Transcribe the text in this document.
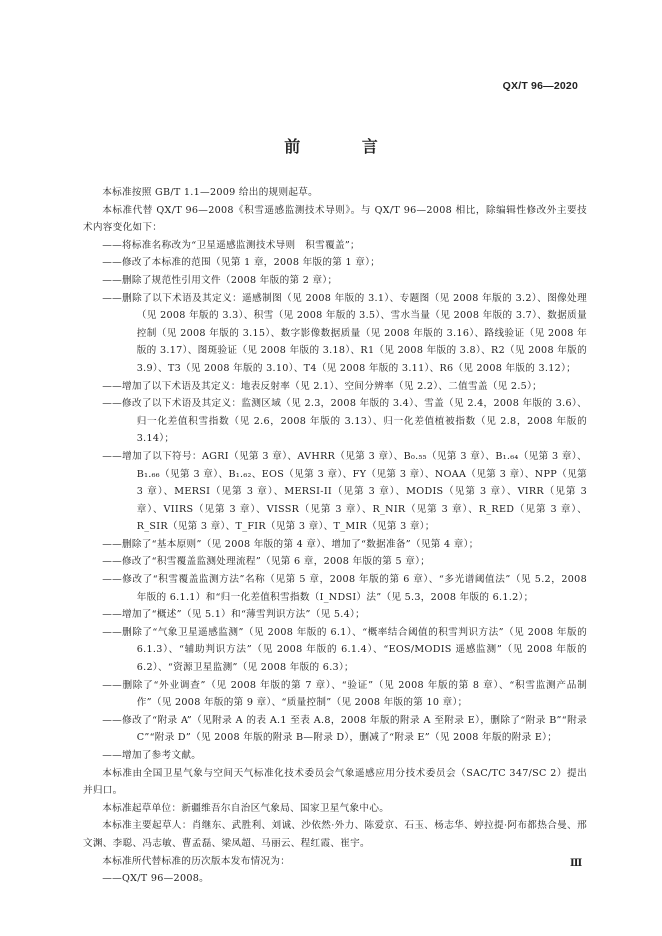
QX/T 96—2020
前 言

本标准按照 GB/T 1.1—2009 给出的规则起草。

本标准代替 QX/T 96—2008《积雪遥感监测技术导则》。与 QX/T 96—2008 相比，除编辑性修改外主要技术内容变化如下：

——将标准名称改为“卫星遥感监测技术导则　积雪覆盖”；

——修改了本标准的范围（见第 1 章，2008 年版的第 1 章）；

——删除了规范性引用文件（2008 年版的第 2 章）；

——删除了以下术语及其定义：遥感制图（见 2008 年版的 3.1）、专题图（见 2008 年版的 3.2）、图像处理（见 2008 年版的 3.3）、积雪（见 2008 年版的 3.5）、雪水当量（见 2008 年版的 3.7）、数据质量控制（见 2008 年版的 3.15）、数字影像数据质量（见 2008 年版的 3.16）、路线验证（见 2008 年版的 3.17）、图斑验证（见 2008 年版的 3.18）、R1（见 2008 年版的 3.8）、R2（见 2008 年版的 3.9）、T3（见 2008 年版的 3.10）、T4（见 2008 年版的 3.11）、R6（见 2008 年版的 3.12）；

——增加了以下术语及其定义：地表反射率（见 2.1）、空间分辨率（见 2.2）、二值雪盖（见 2.5）；

——修改了以下术语及其定义：监测区域（见 2.3，2008 年版的 3.4）、雪盖（见 2.4，2008 年版的 3.6）、归一化差值积雪指数（见 2.6，2008 年版的 3.13）、归一化差值植被指数（见 2.8，2008 年版的 3.14）；

——增加了以下符号：AGRI（见第 3 章）、AVHRR（见第 3 章）、B₀.₅₅（见第 3 章）、B₁.₆₄（见第 3 章）、B₁.₆₆（见第 3 章）、B₁.₆₂、EOS（见第 3 章）、FY（见第 3 章）、NOAA（见第 3 章）、NPP（见第 3 章）、MERSI（见第 3 章）、MERSI-II（见第 3 章）、MODIS（见第 3 章）、VIRR（见第 3 章）、VIIRS（见第 3 章）、VISSR（见第 3 章）、R_NIR（见第 3 章）、R_RED（见第 3 章）、R_SIR（见第 3 章）、T_FIR（见第 3 章）、T_MIR（见第 3 章）；

——删除了“基本原则”（见 2008 年版的第 4 章）、增加了“数据准备”（见第 4 章）；

——修改了“积雪覆盖监测处理流程”（见第 6 章，2008 年版的第 5 章）；

——修改了“积雪覆盖监测方法”名称（见第 5 章，2008 年版的第 6 章）、“多光谱阈值法”（见 5.2，2008 年版的 6.1.1）和“归一化差值积雪指数（I_NDSI）法”（见 5.3，2008 年版的 6.1.2）；

——增加了“概述”（见 5.1）和“薄雪判识方法”（见 5.4）；

——删除了“气象卫星遥感监测”（见 2008 年版的 6.1）、“概率结合阈值的积雪判识方法”（见 2008 年版的 6.1.3）、“辅助判识方法”（见 2008 年版的 6.1.4）、“EOS/MODIS 遥感监测”（见 2008 年版的 6.2）、“资源卫星监测”（见 2008 年版的 6.3）；

——删除了“外业调查”（见 2008 年版的第 7 章）、“验证”（见 2008 年版的第 8 章）、“积雪监测产品制作”（见 2008 年版的第 9 章）、“质量控制”（见 2008 年版的第 10 章）；

——修改了“附录 A”（见附录 A 的表 A.1 至表 A.8，2008 年版的附录 A 至附录 E），删除了“附录 B”“附录 C”“附录 D”（见 2008 年版的附录 B—附录 D），删减了“附录 E”（见 2008 年版的附录 E）；

——增加了参考文献。

本标准由全国卫星气象与空间天气标准化技术委员会气象遥感应用分技术委员会（SAC/TC 347/SC 2）提出并归口。

本标准起草单位：新疆维吾尔自治区气象局、国家卫星气象中心。

本标准主要起草人：肖继东、武胜利、刘诚、沙依然·外力、陈爱京、石玉、杨志华、婷拉提·阿布都热合曼、邢文渊、李聪、冯志敏、曹孟磊、梁凤超、马丽云、程红霞、崔宇。

本标准所代替标准的历次版本发布情况为：

——QX/T 96—2008。

Ⅲ
